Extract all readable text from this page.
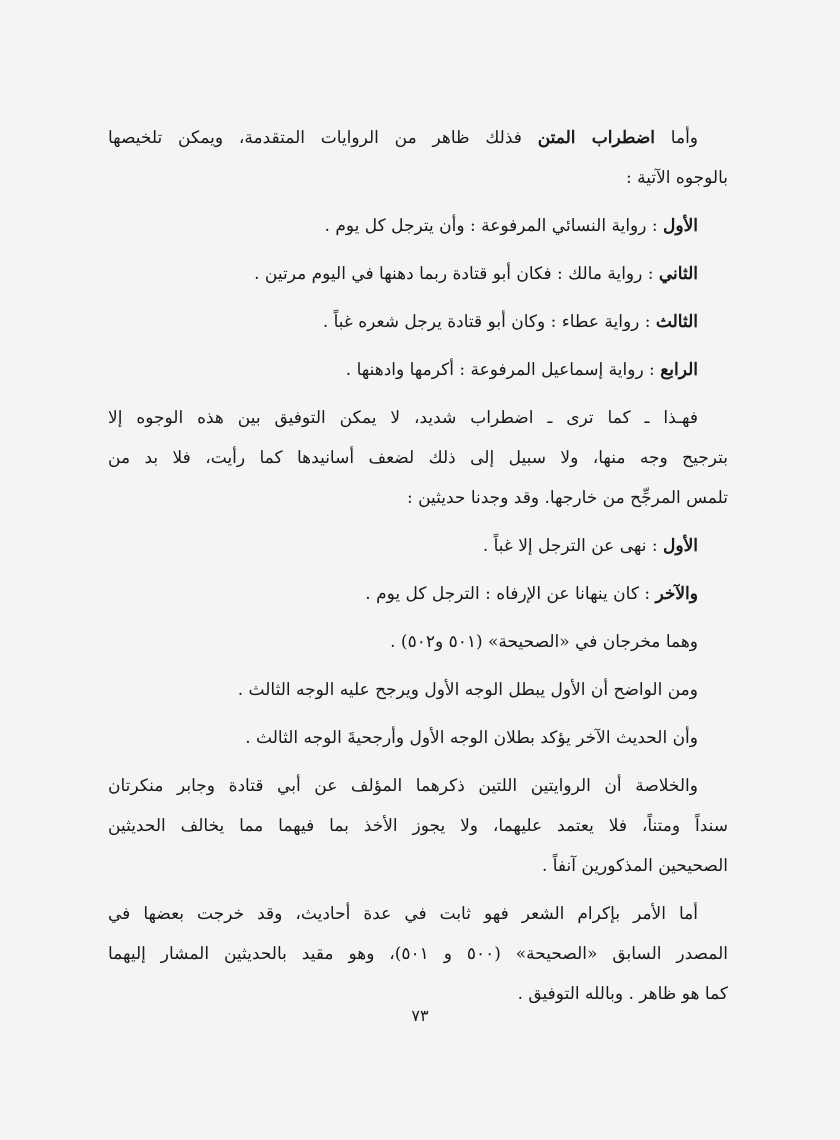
وأما اضطراب المتن فذلك ظاهر من الروايات المتقدمة، ويمكن تلخيصها
بالوجوه الآتية :
الأول : رواية النسائي المرفوعة : وأن يترجل كل يوم .
الثاني : رواية مالك : فكان أبو قتادة ربما دهنها في اليوم مرتين .
الثالث : رواية عطاء : وكان أبو قتادة يرجل شعره غباً .
الرابع : رواية إسماعيل المرفوعة : أكرمها وادهنها .
فهـذا ـ كما ترى ـ اضطراب شديد، لا يمكن التوفيق بين هذه الوجوه إلا
بترجيح وجه منها، ولا سبيل إلى ذلك لضعف أسانيدها كما رأيت، فلا بد من
تلمس المرجِّح من خارجها. وقد وجدنا حديثين :
الأول : نهى عن الترجل إلا غباً .
والآخر : كان ينهانا عن الإرفاه : الترجل كل يوم .
وهما مخرجان في «الصحيحة» (٥٠١ و٥٠٢) .
ومن الواضح أن الأول يبطل الوجه الأول ويرجح عليه الوجه الثالث .
وأن الحديث الآخر يؤكد بطلان الوجه الأول وأرجحيةَ الوجه الثالث .
والخلاصة أن الروايتين اللتين ذكرهما المؤلف عن أبي قتادة وجابر منكرتان
سنداً ومتناً، فلا يعتمد عليهما، ولا يجوز الأخذ بما فيهما مما يخالف الحديثين
الصحيحين المذكورين آنفاً .
أما الأمر بإكرام الشعر فهو ثابت في عدة أحاديث، وقد خرجت بعضها في
المصدر السابق «الصحيحة» (٥٠٠ و ٥٠١)، وهو مقيد بالحديثين المشار إليهما
كما هو ظاهر . وبالله التوفيق .
٧٣
